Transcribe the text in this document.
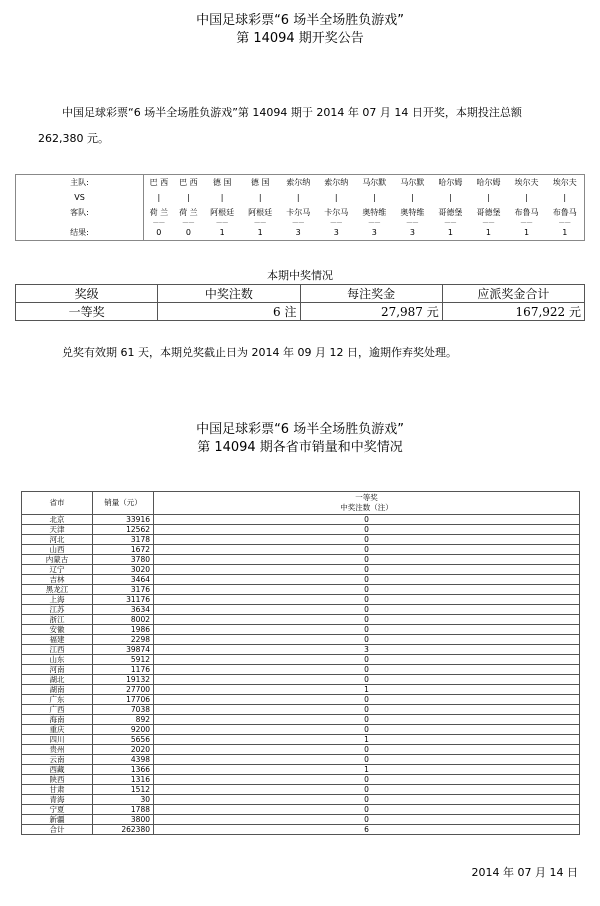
中国足球彩票“6 场半全场胜负游戏”
第 14094 期开奖公告
中国足球彩票“6 场半全场胜负游戏”第 14094 期于 2014 年 07 月 14 日开奖，本期投注总额 262,380 元。
主队:	巴 西	巴 西	德 国	德 国	索尔纳	索尔纳	马尔默	马尔默	哈尔姆	哈尔姆	埃尔夫	埃尔夫
VS	|	|	|	|	|	|	|	|	|	|	|	|
客队:	荷 兰	荷 兰	阿根廷	阿根廷	卡尔马	卡尔马	奥特维	奥特维	哥德堡	哥德堡	布鲁马	布鲁马
	——	——	——	——	——	——	——	——	——	——	——	——
结果:	0	0	1	1	3	3	3	3	1	1	1	1
本期中奖情况
奖级	中奖注数	每注奖金	应派奖金合计
一等奖	6 注	27,987 元	167,922 元
兑奖有效期 61 天，本期兑奖截止日为 2014 年 09 月 12 日，逾期作弃奖处理。
中国足球彩票“6 场半全场胜负游戏”
第 14094 期各省市销量和中奖情况
省市	销量（元）	一等奖
中奖注数（注）

北京	33916	0
天津	12562	0
河北	3178	0
山西	1672	0
内蒙古	3780	0
辽宁	3020	0
吉林	3464	0
黑龙江	3176	0
上海	31176	0
江苏	3634	0
浙江	8002	0
安徽	1986	0
福建	2298	0
江西	39874	3
山东	5912	0
河南	1176	0
湖北	19132	0
湖南	27700	1
广东	17706	0
广西	7038	0
海南	892	0
重庆	9200	0
四川	5656	1
贵州	2020	0
云南	4398	0
西藏	1366	1
陕西	1316	0
甘肃	1512	0
青海	30	0
宁夏	1788	0
新疆	3800	0
合计	262380	6
2014 年 07 月 14 日
